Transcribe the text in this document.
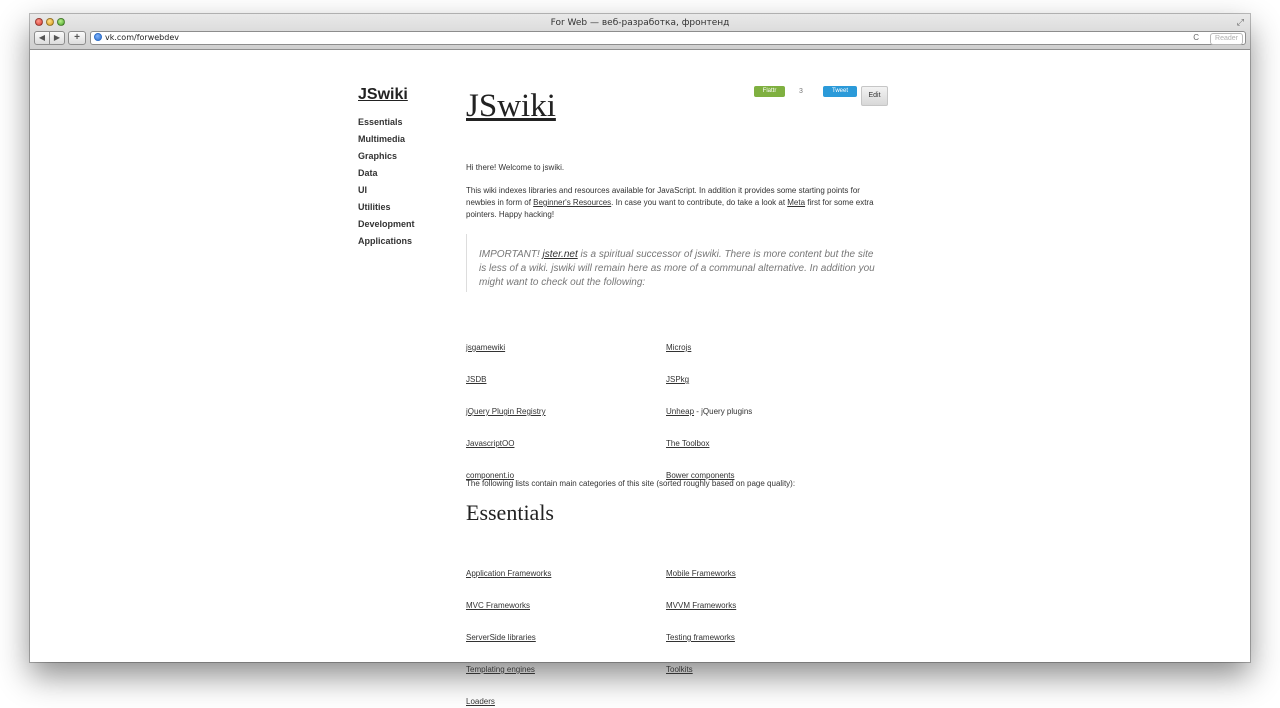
For Web — веб-разработка, фронтенд	⤢
◀	▶	+	vk.com/forwebdev	C	Reader
JSwiki
Essentials
Multimedia
Graphics
Data
UI
Utilities
Development
Applications
JSwiki	Flattr	3	Tweet
Edit

Hi there! Welcome to jswiki.

This wiki indexes libraries and resources available for JavaScript. In addition it provides some starting points for newbies in form of Beginner's Resources. In case you want to contribute, do take a look at Meta first for some extra pointers. Happy hacking!

IMPORTANT! jster.net is a spiritual successor of jswiki. There is more content but the site is less of a wiki. jswiki will remain here as more of a communal alternative. In addition you might want to check out the following:

jsgamewiki	Microjs
JSDB	JSPkg
jQuery Plugin Registry	Unheap - jQuery plugins
JavascriptOO	The Toolbox
component.io	Bower components

The following lists contain main categories of this site (sorted roughly based on page quality):

Essentials
Application Frameworks	Mobile Frameworks
MVC Frameworks	MVVM Frameworks
ServerSide libraries	Testing frameworks
Templating engines	Toolkits
Loaders
